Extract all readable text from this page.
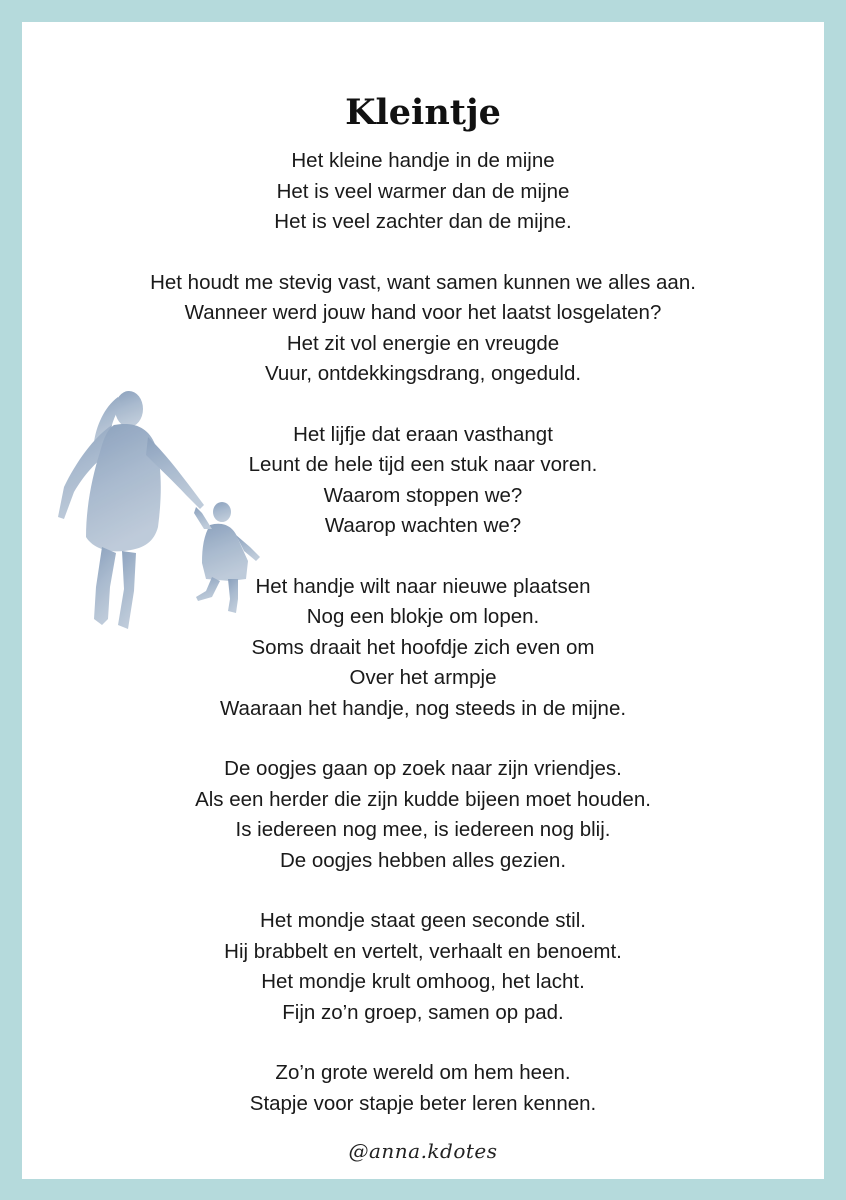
Kleintje

Het kleine handje in de mijne
Het is veel warmer dan de mijne
Het is veel zachter dan de mijne.

Het houdt me stevig vast, want samen kunnen we alles aan.
Wanneer werd jouw hand voor het laatst losgelaten?
Het zit vol energie en vreugde
Vuur, ontdekkingsdrang, ongeduld.

Het lijfje dat eraan vasthangt
Leunt de hele tijd een stuk naar voren.
Waarom stoppen we?
Waarop wachten we?

Het handje wilt naar nieuwe plaatsen
Nog een blokje om lopen.
Soms draait het hoofdje zich even om
Over het armpje
Waaraan het handje, nog steeds in de mijne.

De oogjes gaan op zoek naar zijn vriendjes.
Als een herder die zijn kudde bijeen moet houden.
Is iedereen nog mee, is iedereen nog blij.
De oogjes hebben alles gezien.

Het mondje staat geen seconde stil.
Hij brabbelt en vertelt, verhaalt en benoemt.
Het mondje krult omhoog, het lacht.
Fijn zo’n groep, samen op pad.

Zo’n grote wereld om hem heen.
Stapje voor stapje beter leren kennen.

@anna.kdotes
